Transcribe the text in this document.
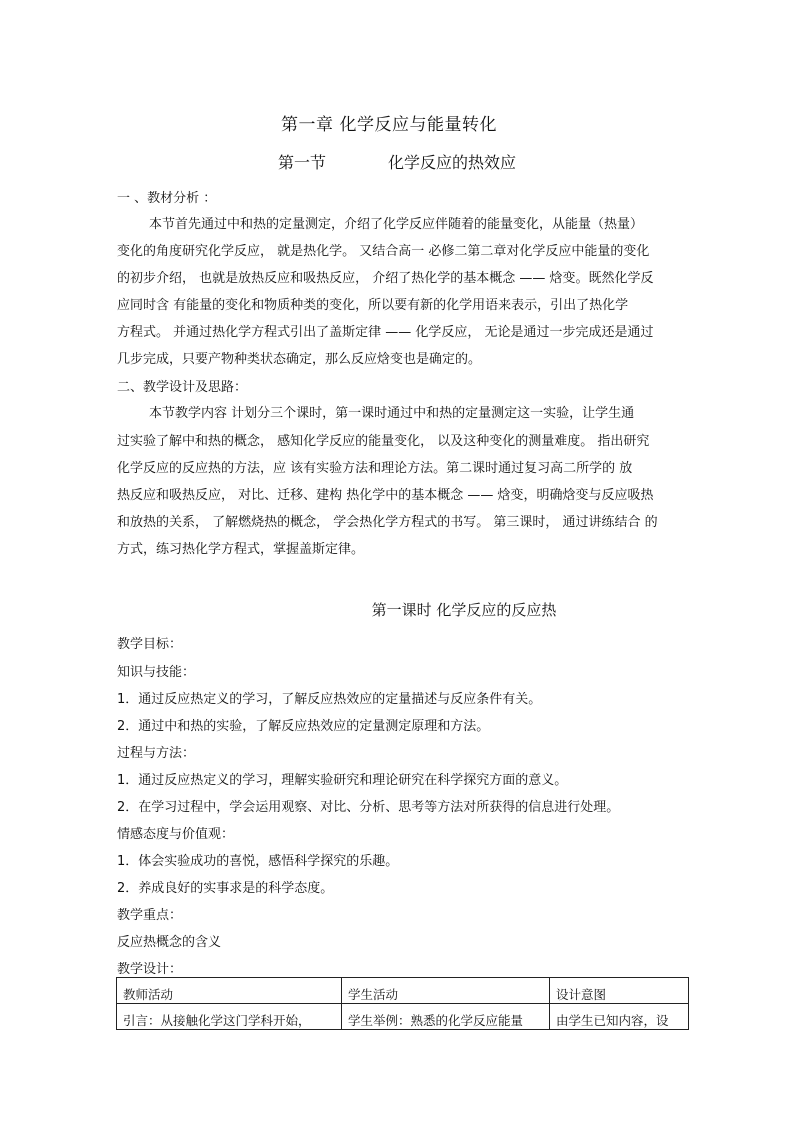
第一章 化学反应与能量转化
第一节	化学反应的热效应
一 、教材分析 ：
本节首先通过中和热的定量测定，介绍了化学反应伴随着的能量变化，从能量（热量）
变化的角度研究化学反应， 就是热化学。 又结合高一 必修二第二章对化学反应中能量的变化
的初步介绍， 也就是放热反应和吸热反应， 介绍了热化学的基本概念 —— 焓变。既然化学反
应同时含 有能量的变化和物质种类的变化，所以要有新的化学用语来表示，引出了热化学
方程式。 并通过热化学方程式引出了盖斯定律 —— 化学反应， 无论是通过一步完成还是通过
几步完成，只要产物种类状态确定，那么反应焓变也是确定的。
二、教学设计及思路：
本节教学内容 计划分三个课时，第一课时通过中和热的定量测定这一实验，让学生通
过实验了解中和热的概念， 感知化学反应的能量变化， 以及这种变化的测量难度。 指出研究
化学反应的反应热的方法，应 该有实验方法和理论方法。第二课时通过复习高二所学的 放
热反应和吸热反应， 对比、迁移、建构 热化学中的基本概念 —— 焓变，明确焓变与反应吸热
和放热的关系， 了解燃烧热的概念， 学会热化学方程式的书写。 第三课时， 通过讲练结合 的
方式，练习热化学方程式，掌握盖斯定律。
第一课时 化学反应的反应热
教学目标：
知识与技能：
1．通过反应热定义的学习，了解反应热效应的定量描述与反应条件有关。
2．通过中和热的实验，了解反应热效应的定量测定原理和方法。
过程与方法：
1．通过反应热定义的学习，理解实验研究和理论研究在科学探究方面的意义。
2．在学习过程中，学会运用观察、对比、分析、思考等方法对所获得的信息进行处理。
情感态度与价值观：
1．体会实验成功的喜悦，感悟科学探究的乐趣。
2．养成良好的实事求是的科学态度。
教学重点：
反应热概念的含义
教学设计：
教师活动	学生活动	设计意图
引言：从接触化学这门学科开始，	学生举例：熟悉的化学反应能量	由学生已知内容，设
